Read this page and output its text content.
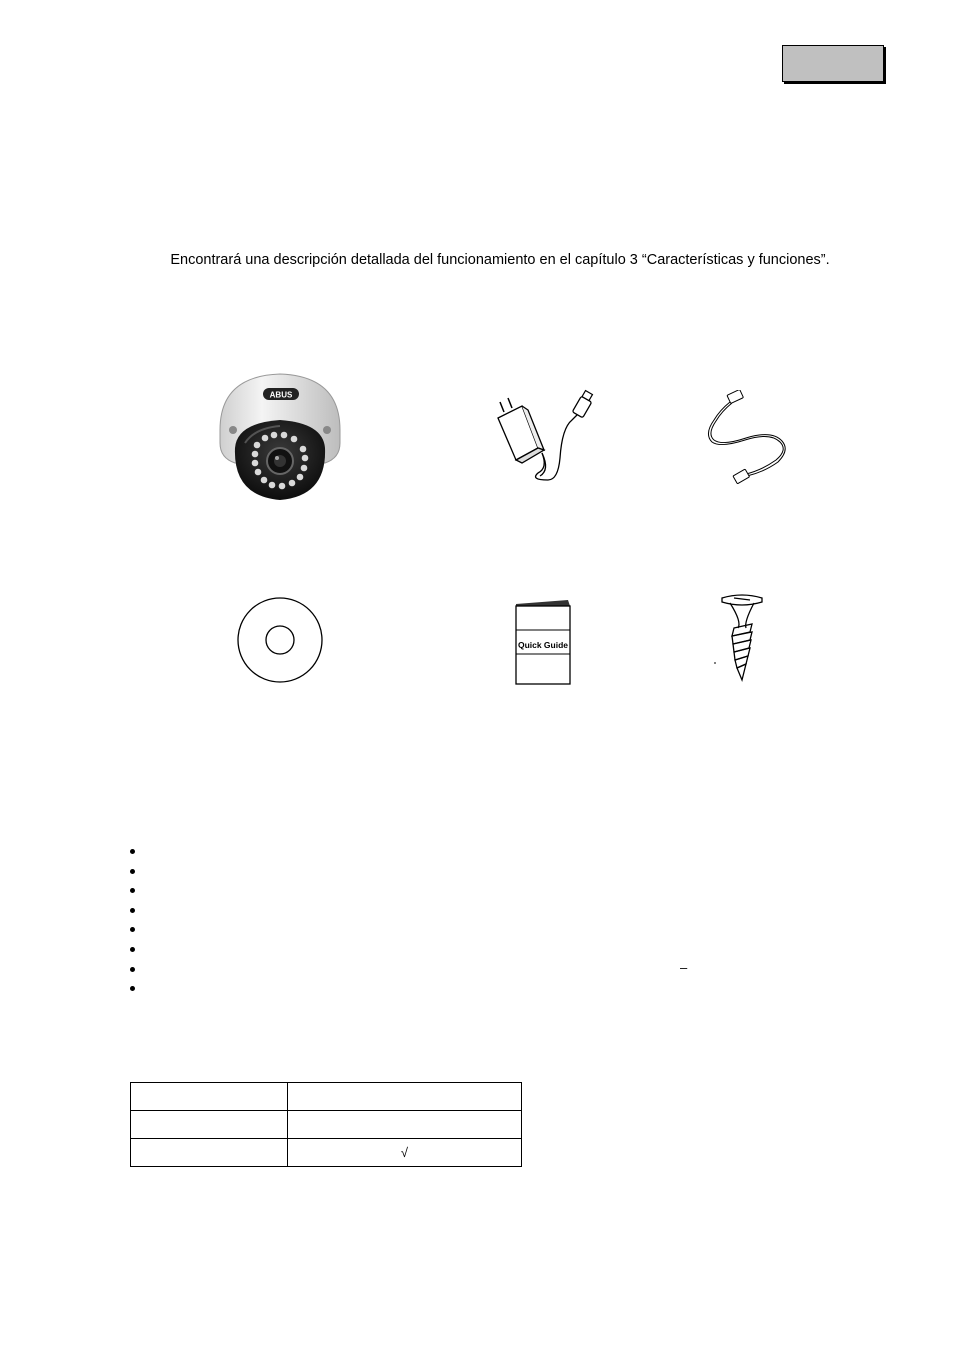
Encontrará una descripción detallada del funcionamiento en el capítulo 3 “Características y funciones”.
ABUS
Quick Guide
–

	√
